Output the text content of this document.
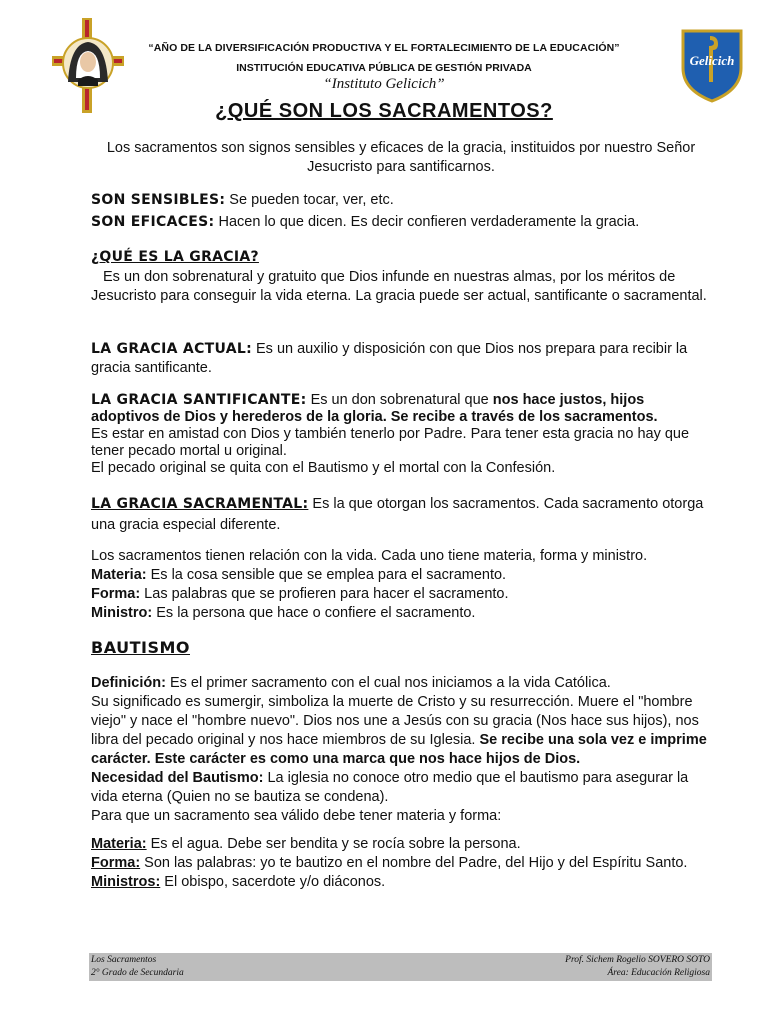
Gelicich
“AÑO DE LA DIVERSIFICACIÓN PRODUCTIVA Y EL FORTALECIMIENTO DE LA EDUCACIÓN”
INSTITUCIÓN EDUCATIVA PÚBLICA DE GESTIÓN PRIVADA
“Instituto Gelicich”
¿QUÉ SON LOS SACRAMENTOS?
Los sacramentos son signos sensibles y eficaces de la gracia, instituidos por nuestro Señor Jesucristo para santificarnos.
SON SENSIBLES: Se pueden tocar, ver, etc.
SON EFICACES: Hacen lo que dicen. Es decir confieren verdaderamente la gracia.
¿QUÉ ES LA GRACIA?
Es un don sobrenatural y gratuito que Dios infunde en nuestras almas, por los méritos de Jesucristo para conseguir la vida eterna. La gracia puede ser actual, santificante o sacramental.
LA GRACIA ACTUAL: Es un auxilio y disposición con que Dios nos prepara para recibir la gracia santificante.
LA GRACIA SANTIFICANTE: Es un don sobrenatural que nos hace justos, hijos adoptivos de Dios y herederos de la gloria. Se recibe a través de los sacramentos.
Es estar en amistad con Dios y también tenerlo por Padre. Para tener esta gracia no hay que tener pecado mortal u original.
El pecado original se quita con el Bautismo y el mortal con la Confesión.
LA GRACIA SACRAMENTAL: Es la que otorgan los sacramentos. Cada sacramento otorga una gracia especial diferente.
Los sacramentos tienen relación con la vida. Cada uno tiene materia, forma y ministro.
Materia: Es la cosa sensible que se emplea para el sacramento.
Forma: Las palabras que se profieren para hacer el sacramento.
Ministro: Es la persona que hace o confiere el sacramento.
BAUTISMO
Definición: Es el primer sacramento con el cual nos iniciamos a la vida Católica.
Su significado es sumergir, simboliza la muerte de Cristo y su resurrección. Muere el "hombre viejo" y nace el "hombre nuevo". Dios nos une a Jesús con su gracia (Nos hace sus hijos), nos libra del pecado original y nos hace miembros de su Iglesia. Se recibe una sola vez e imprime carácter. Este carácter es como una marca que nos hace hijos de Dios.
Necesidad del Bautismo: La iglesia no conoce otro medio que el bautismo para asegurar la vida eterna (Quien no se bautiza se condena).
Para que un sacramento sea válido debe tener materia y forma:
Materia: Es el agua. Debe ser bendita y se rocía sobre la persona.
Forma: Son las palabras: yo te bautizo en el nombre del Padre, del Hijo y del Espíritu Santo.
Ministros: El obispo, sacerdote y/o diáconos.
Los Sacramentos
2° Grado de Secundaria
Prof. Sichem Rogelio SOVERO SOTO
Área: Educación Religiosa
